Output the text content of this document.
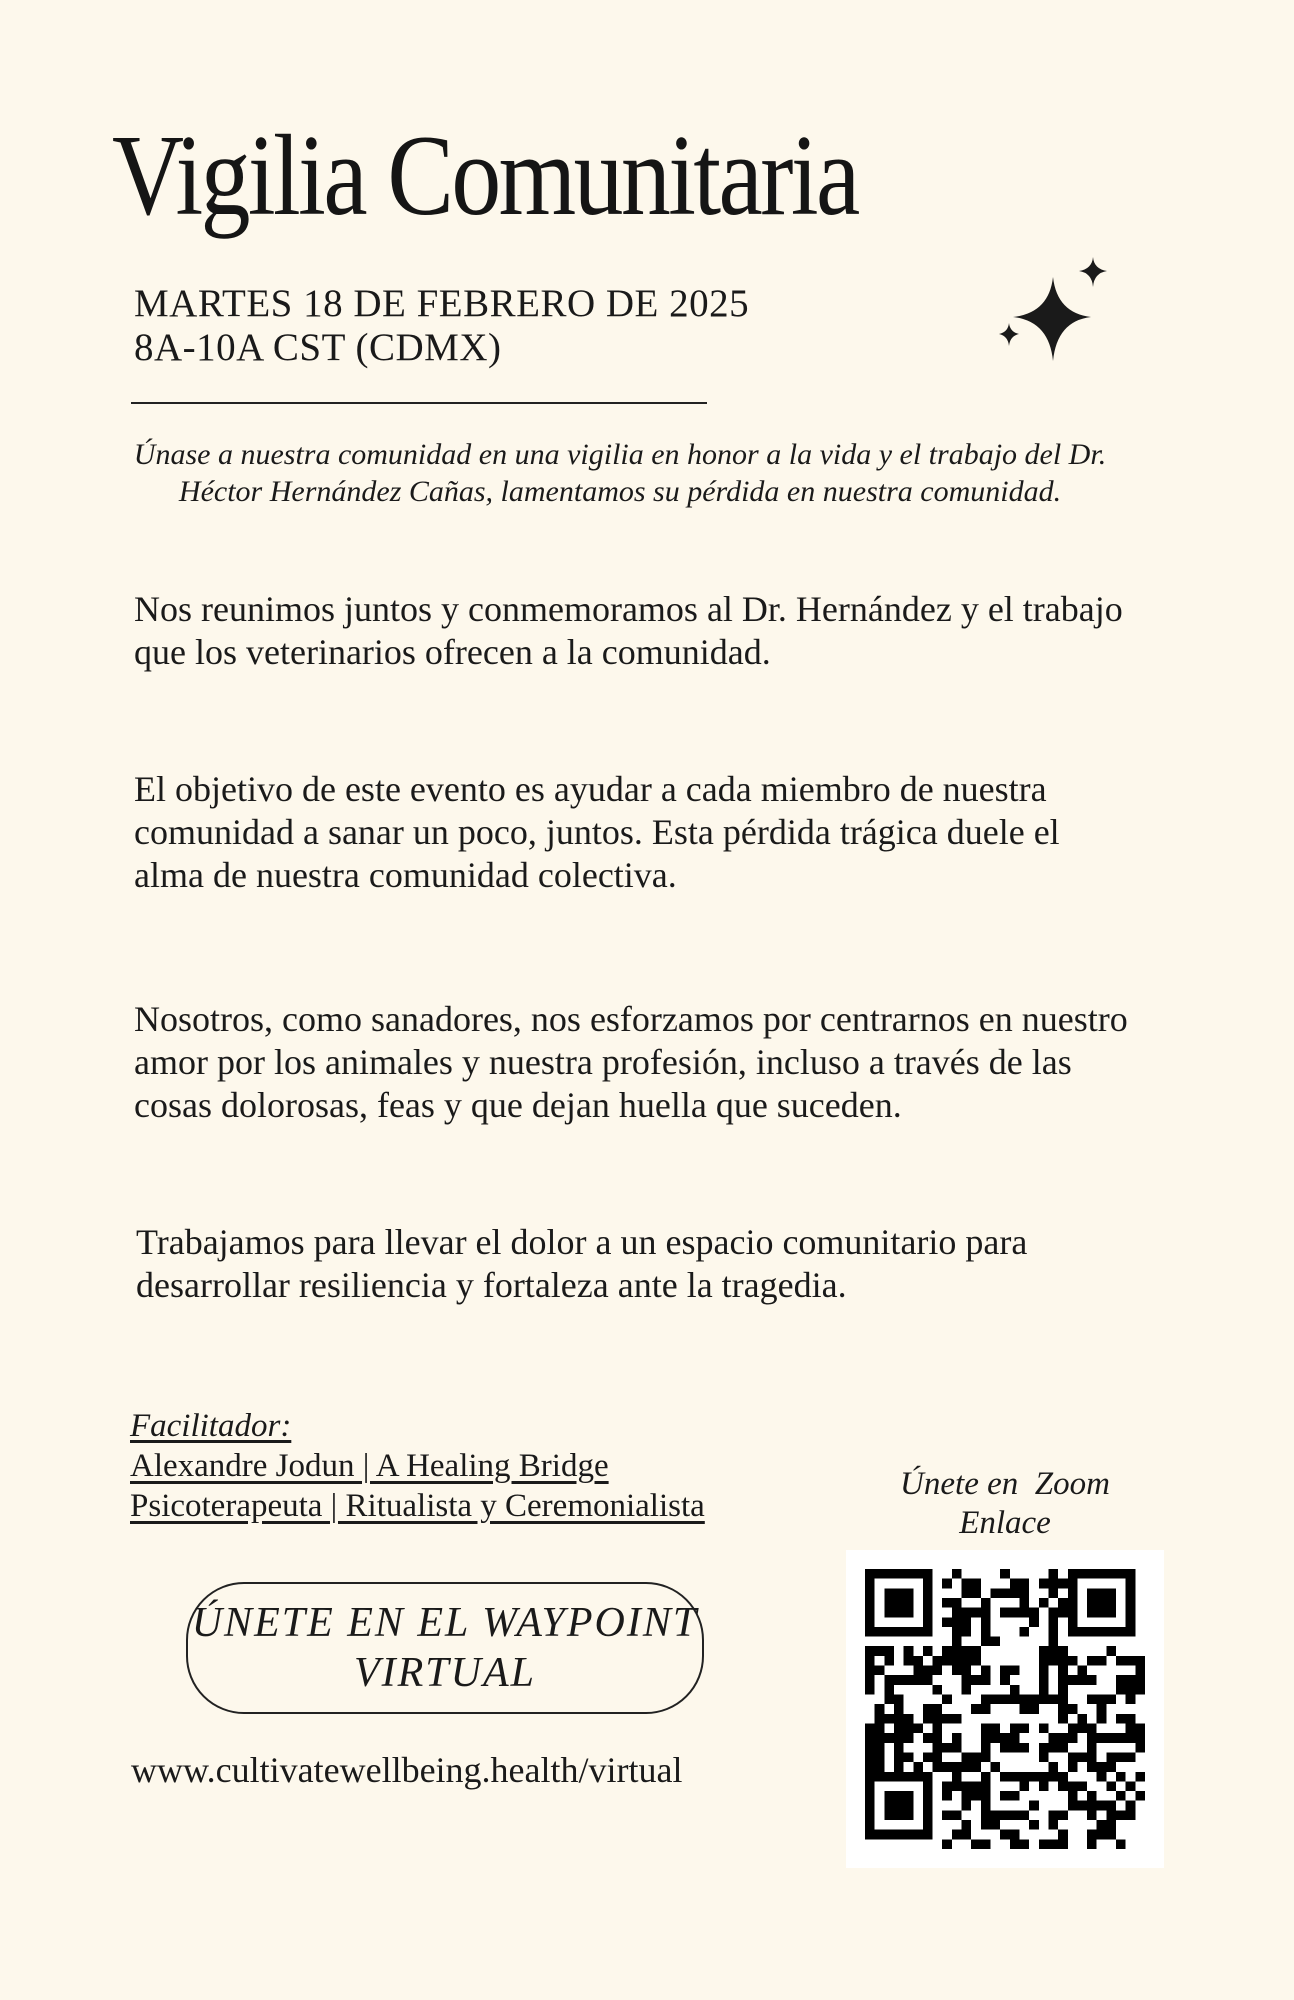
Vigilia Comunitaria
MARTES 18 DE FEBRERO DE 2025
8A-10A CST (CDMX)
Únase a nuestra comunidad en una vigilia en honor a la vida y el trabajo del Dr. Héctor Hernández Cañas, lamentamos su pérdida en nuestra comunidad.
Nos reunimos juntos y conmemoramos al Dr. Hernández y el trabajo que los veterinarios ofrecen a la comunidad.
El objetivo de este evento es ayudar a cada miembro de nuestra comunidad a sanar un poco, juntos. Esta pérdida trágica duele el alma de nuestra comunidad colectiva.
Nosotros, como sanadores, nos esforzamos por centrarnos en nuestro amor por los animales y nuestra profesión, incluso a través de las cosas dolorosas, feas y que dejan huella que suceden.
Trabajamos para llevar el dolor a un espacio comunitario para desarrollar resiliencia y fortaleza ante la tragedia.
Facilitador:
Alexandre Jodun | A Healing Bridge
Psicoterapeuta | Ritualista y Ceremonialista
ÚNETE EN EL WAYPOINT VIRTUAL
www.cultivatewellbeing.health/virtual
Únete en  Zoom
Enlace
